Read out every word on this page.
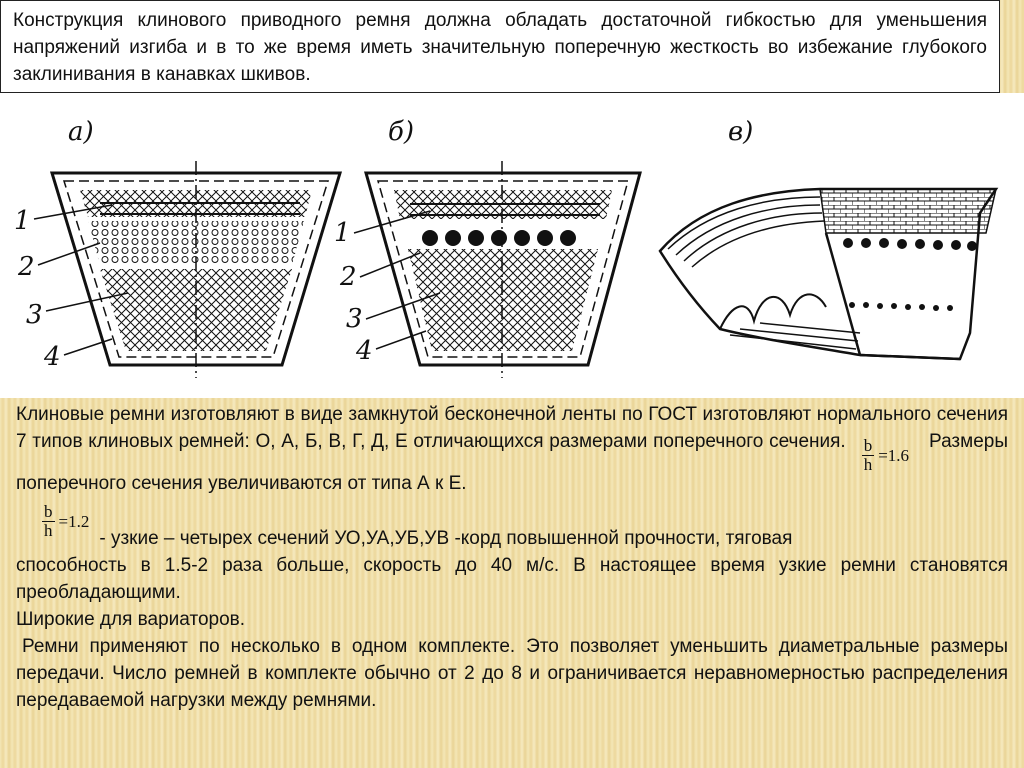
Конструкция клинового приводного ремня должна обладать достаточной гибкостью для уменьшения напряжений изгиба и в то же время иметь значительную поперечную жесткость во избежание глубокого заклинивания в канавках шкивов.

а)
1
2
3
4
б)
1
2
3
4
в)

Клиновые ремни изготовляют в виде замкнутой бесконечной ленты по ГОСТ изготовляют нормального сечения 7 типов клиновых ремней: О, А, Б, В, Г, Д, Е отличающихся размерами поперечного сечения. $\frac{b}{h} =1.6$
Размеры поперечного сечения увеличиваются от типа А к Е.

$\frac{b}{h} =1.2$
- узкие – четырех сечений УО,УА,УБ,УВ -корд повышенной прочности, тяговая

способность в 1.5-2 раза больше, скорость до 40 м/с. В настоящее время узкие ремни становятся преобладающими.

Широкие для вариаторов.

Ремни применяют по несколько в одном комплекте. Это позволяет уменьшить диаметральные размеры передачи. Число ремней в комплекте обычно от 2 до 8 и ограничивается неравномерностью распределения передаваемой нагрузки между ремнями.
